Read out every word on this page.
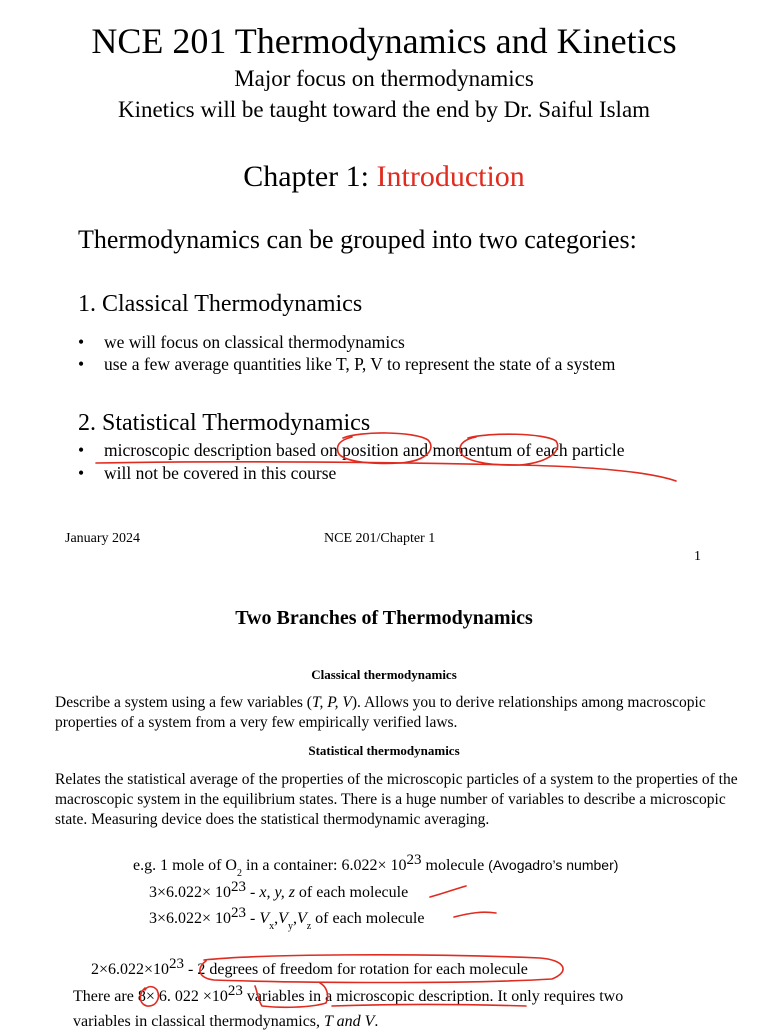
NCE 201 Thermodynamics and Kinetics
Major focus on thermodynamics
Kinetics will be taught toward the end by Dr. Saiful Islam
Chapter 1: Introduction
Thermodynamics can be grouped into two categories:
1. Classical Thermodynamics
• we will focus on classical thermodynamics
• use a few average quantities like T, P, V to represent the state of a system
2. Statistical Thermodynamics
• microscopic description based on position and momentum of each particle
• will not be covered in this course
January 2024	NCE 201/Chapter 1
1
Two Branches of Thermodynamics
Classical thermodynamics
Describe a system using a few variables (T, P, V). Allows you to derive relationships among macroscopic properties of a system from a very few empirically verified laws.
Statistical thermodynamics
Relates the statistical average of the properties of the microscopic particles of a system to the properties of the macroscopic system in the equilibrium states. There is a huge number of variables to describe a microscopic state. Measuring device does the statistical thermodynamic averaging.
e.g. 1 mole of $O_2$ in a container: $6.022\times 10^{23}$ molecule (Avogadro’s number)
$3\times 6.022\times 10^{23} - x$, y, z of each molecule
$3\times 6.022\times 10^{23} - V_x,V_y,V_z$ of each molecule
$2\times 6.022\times 10^{23} - 2$ degrees of freedom for rotation for each molecule
There are 8× 6. $022 \times 10^{23}$ variables in a microscopic description. It only requires two
variables in classical thermodynamics, T and V.
